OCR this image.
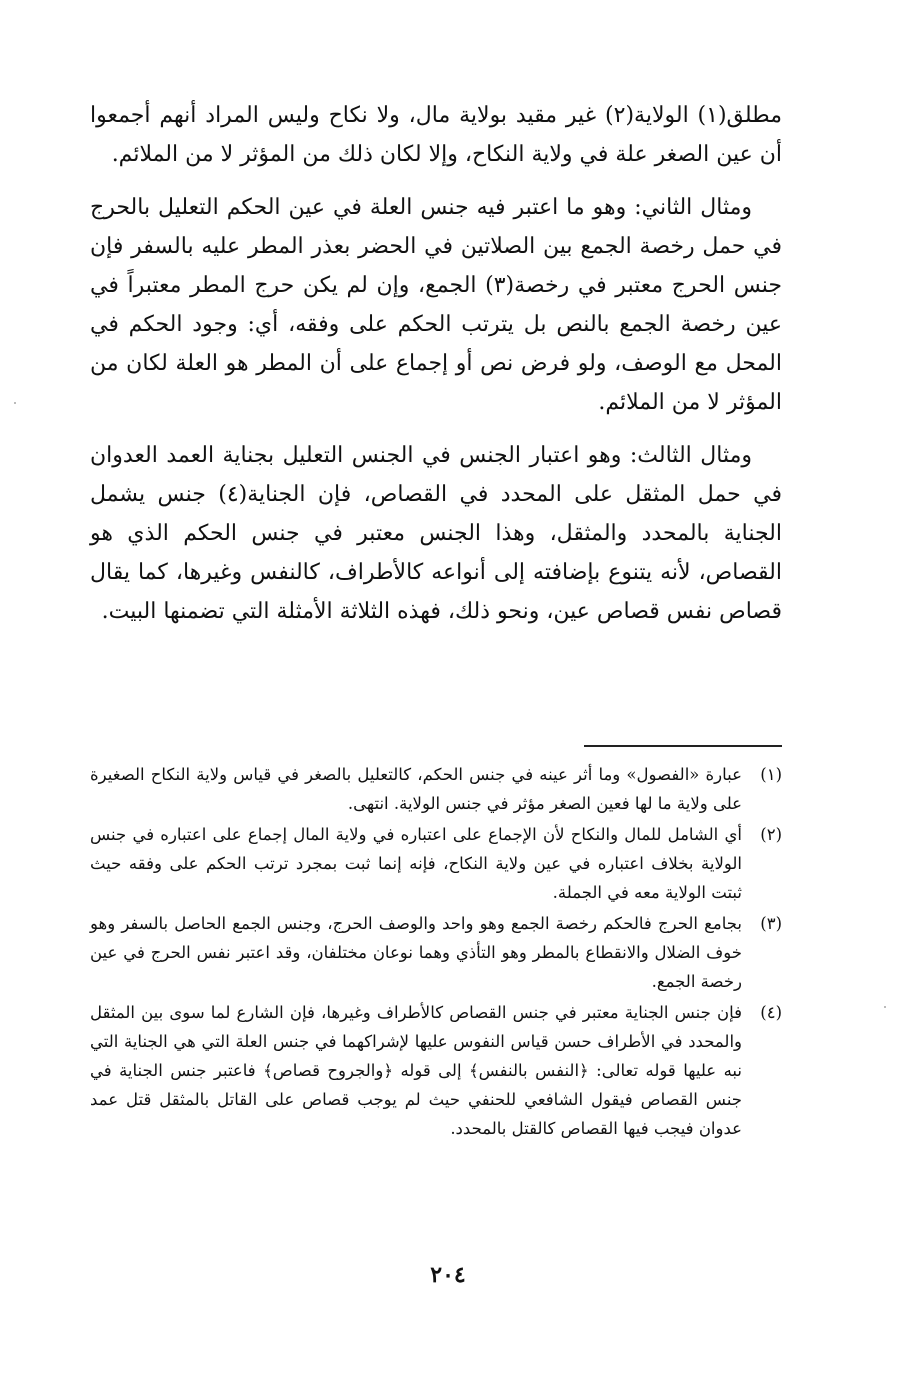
مطلق(١) الولاية(٢) غير مقيد بولاية مال، ولا نكاح وليس المراد أنهم أجمعوا أن عين الصغر علة في ولاية النكاح، وإلا لكان ذلك من المؤثر لا من الملائم.

ومثال الثاني: وهو ما اعتبر فيه جنس العلة في عين الحكم التعليل بالحرج في حمل رخصة الجمع بين الصلاتين في الحضر بعذر المطر عليه بالسفر فإن جنس الحرج معتبر في رخصة(٣) الجمع، وإن لم يكن حرج المطر معتبراً في عين رخصة الجمع بالنص بل يترتب الحكم على وفقه، أي: وجود الحكم في المحل مع الوصف، ولو فرض نص أو إجماع على أن المطر هو العلة لكان من المؤثر لا من الملائم.

ومثال الثالث: وهو اعتبار الجنس في الجنس التعليل بجناية العمد العدوان في حمل المثقل على المحدد في القصاص، فإن الجناية(٤) جنس يشمل الجناية بالمحدد والمثقل، وهذا الجنس معتبر في جنس الحكم الذي هو القصاص، لأنه يتنوع بإضافته إلى أنواعه كالأطراف، كالنفس وغيرها، كما يقال قصاص نفس قصاص عين، ونحو ذلك، فهذه الثلاثة الأمثلة التي تضمنها البيت.

(١)
عبارة «الفصول» وما أثر عينه في جنس الحكم، كالتعليل بالصغر في قياس ولاية النكاح الصغيرة على ولاية ما لها فعين الصغر مؤثر في جنس الولاية. انتهى.
(٢)
أي الشامل للمال والنكاح لأن الإجماع على اعتباره في ولاية المال إجماع على اعتباره في جنس الولاية بخلاف اعتباره في عين ولاية النكاح، فإنه إنما ثبت بمجرد ترتب الحكم على وفقه حيث ثبتت الولاية معه في الجملة.
(٣)
بجامع الحرج فالحكم رخصة الجمع وهو واحد والوصف الحرج، وجنس الجمع الحاصل بالسفر وهو خوف الضلال والانقطاع بالمطر وهو التأذي وهما نوعان مختلفان، وقد اعتبر نفس الحرج في عين رخصة الجمع.
(٤)
فإن جنس الجناية معتبر في جنس القصاص كالأطراف وغيرها، فإن الشارع لما سوى بين المثقل والمحدد في الأطراف حسن قياس النفوس عليها لإشراكهما في جنس العلة التي هي الجناية التي نبه عليها قوله تعالى: ﴿النفس بالنفس﴾ إلى قوله ﴿والجروح قصاص﴾ فاعتبر جنس الجناية في جنس القصاص فيقول الشافعي للحنفي حيث لم يوجب قصاص على القاتل بالمثقل قتل عمد عدوان فيجب فيها القصاص كالقتل بالمحدد.
٢٠٤
